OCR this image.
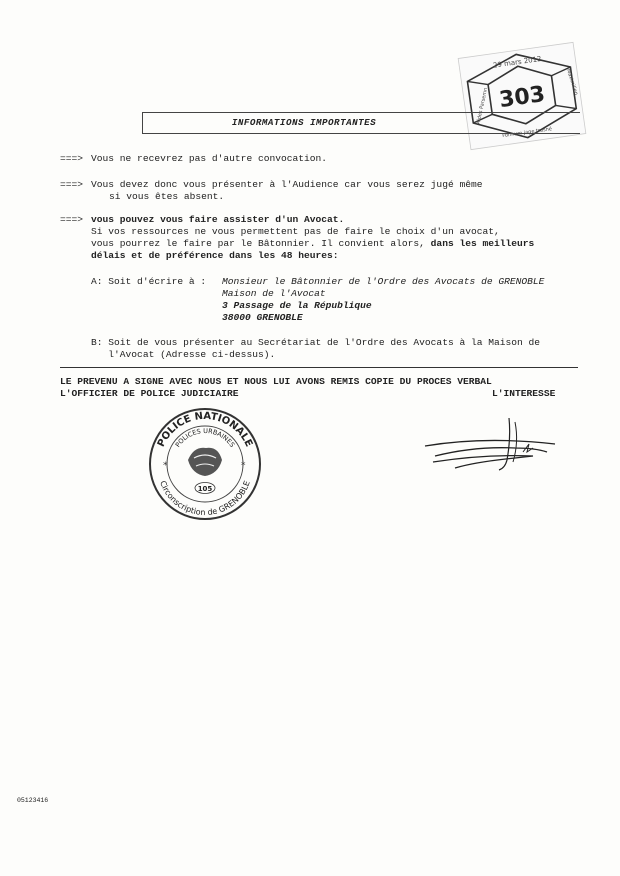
29 mars 2012
303
Fonnum jage trusné
Aides Parsemn
Maximilien
INFORMATIONS IMPORTANTES
===> Vous ne recevrez pas d'autre convocation.
===> Vous devez donc vous présenter à l'Audience car vous serez jugé même
si vous êtes absent.
===> vous pouvez vous faire assister d'un Avocat.
Si vos ressources ne vous permettent pas de faire le choix d'un avocat,
vous pourrez le faire par le Bâtonnier. Il convient alors, dans les meilleurs
délais et de préférence dans les 48 heures:
A: Soit d'écrire à : Monsieur le Bâtonnier de l'Ordre des Avocats de GRENOBLE
Maison de l'Avocat
3 Passage de la République
38000 GRENOBLE
B: Soit de vous présenter au Secrétariat de l'Ordre des Avocats à la Maison de
l'Avocat (Adresse ci-dessus).
LE PREVENU A SIGNE AVEC NOUS ET NOUS LUI AVONS REMIS COPIE DU PROCES VERBAL
L'OFFICIER DE POLICE JUDICIAIRE	L'INTERESSE
POLICE NATIONALE
POLICES URBAINES
Circonscription de GRENOBLE
*	*
105
05123416
